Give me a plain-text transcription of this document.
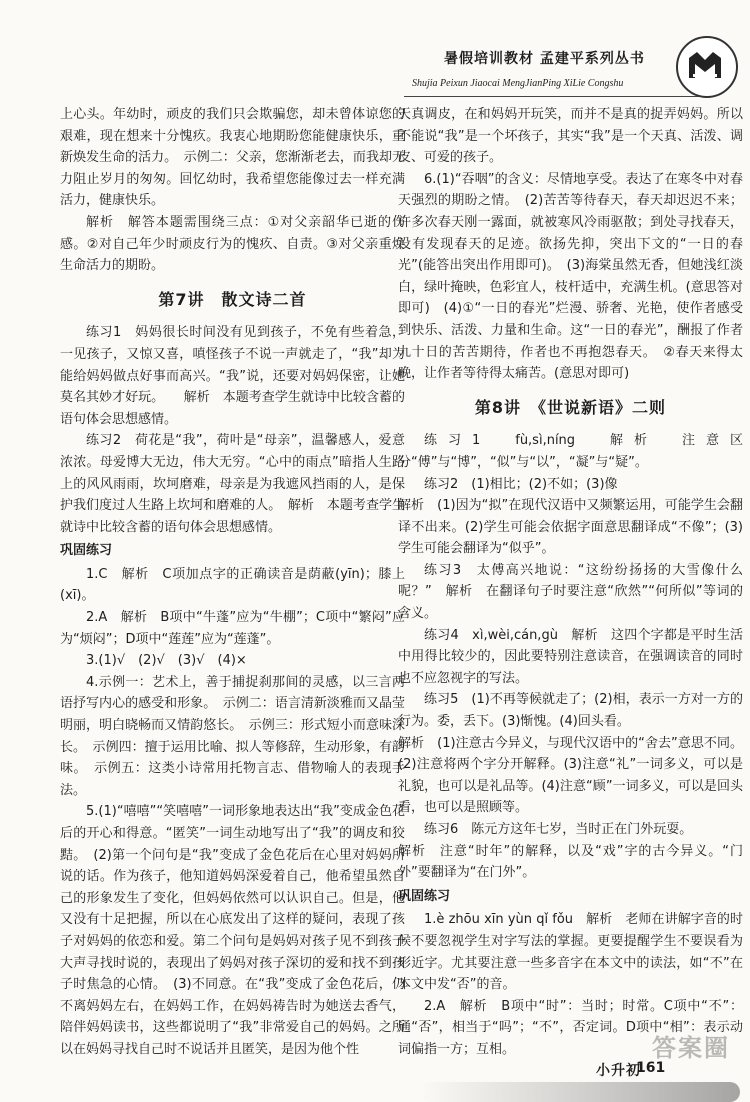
暑假培训教材 孟建平系列丛书
Shujia Peixun Jiaocai MengJianPing XiLie Congshu

上心头。年幼时，顽皮的我们只会欺骗您，却未曾体谅您的艰难，现在想来十分愧疚。我衷心地期盼您能健康快乐，重新焕发生命的活力。　示例二：父亲，您渐渐老去，而我却无力阻止岁月的匆匆。回忆幼时，我希望您能像过去一样充满活力，健康快乐。

解析　解答本题需围绕三点：①对父亲韶华已逝的伤感。②对自己年少时顽皮行为的愧疚、自责。③对父亲重焕生命活力的期盼。

第7讲　散文诗二首

练习1　妈妈很长时间没有见到孩子，不免有些着急，一见孩子，又惊又喜，嗔怪孩子不说一声就走了，“我”却为能给妈妈做点好事而高兴。“我”说，还要对妈妈保密，让她莫名其妙才好玩。　　解析　本题考查学生就诗中比较含蓄的语句体会思想感情。

练习2　荷花是“我”，荷叶是“母亲”，温馨感人，爱意浓浓。母爱博大无边，伟大无穷。“心中的雨点”暗指人生路上的风风雨雨，坎坷磨难，母亲是为我遮风挡雨的人，是保护我们度过人生路上坎坷和磨难的人。　解析　本题考查学生就诗中比较含蓄的语句体会思想感情。

巩固练习

1.C　解析　C项加点字的正确读音是荫蔽(yīn)；膝上(xī)。

2.A　解析　B项中“牛蓬”应为“牛棚”；C项中“繁闷”应为“烦闷”；D项中“莲莲”应为“莲蓬”。

3.(1)√　(2)√　(3)√　(4)×

4.示例一：艺术上，善于捕捉刹那间的灵感，以三言两语抒写内心的感受和形象。　示例二：语言清新淡雅而又晶莹明丽，明白晓畅而又情韵悠长。　示例三：形式短小而意味深长。　示例四：擅于运用比喻、拟人等修辞，生动形象，有韵味。　示例五：这类小诗常用托物言志、借物喻人的表现手法。

5.(1)“嘻嘻”“笑嘻嘻”一词形象地表达出“我”变成金色花后的开心和得意。“匿笑”一词生动地写出了“我”的调皮和狡黠。　(2)第一个问句是“我”变成了金色花后在心里对妈妈所说的话。作为孩子，他知道妈妈深爱着自己，他希望虽然自己的形象发生了变化，但妈妈依然可以认识自己。但是，他又没有十足把握，所以在心底发出了这样的疑问，表现了孩子对妈妈的依恋和爱。第二个问句是妈妈对孩子见不到孩子大声寻找时说的，表现出了妈妈对孩子深切的爱和找不到孩子时焦急的心情。　(3)不同意。在“我”变成了金色花后，仍不离妈妈左右，在妈妈工作，在妈妈祷告时为她送去香气，陪伴妈妈读书，这些都说明了“我”非常爱自己的妈妈。之所以在妈妈寻找自己时不说话并且匿笑，是因为他个性

天真调皮，在和妈妈开玩笑，而并不是真的捉弄妈妈。所以不能说“我”是一个坏孩子，其实“我”是一个天真、活泼、调皮、可爱的孩子。

6.(1)“吞咽”的含义：尽情地享受。表达了在寒冬中对春天强烈的期盼之情。　(2)苦苦等待春天，春天却迟迟不来；许多次春天刚一露面，就被寒风冷雨驱散；到处寻找春天，没有发现春天的足迹。欲扬先抑，突出下文的“一日的春光”(能答出突出作用即可)。　(3)海棠虽然无香，但她浅红淡白，绿叶掩映，色彩宜人，枝杆适中，充满生机。(意思答对即可)　(4)①“一日的春光”烂漫、骄奢、光艳，使作者感受到快乐、活泼、力量和生命。这“一日的春光”，酬报了作者九十日的苦苦期待，作者也不再抱怨春天。　②春天来得太晚，让作者等待得太痛苦。(意思对即可)

第8讲　《世说新语》二则

练习1　fù,sì,níng　解析　注意区分“傅”与“博”，“似”与“以”，“凝”与“疑”。

练习2　(1)相比；(2)不如；(3)像

解析　(1)因为“拟”在现代汉语中又频繁运用，可能学生会翻译不出来。(2)学生可能会依据字面意思翻译成“不像”；(3)学生可能会翻译为“似乎”。

练习3　太傅高兴地说：“这纷纷扬扬的大雪像什么呢？”　解析　在翻译句子时要注意“欣然”“何所似”等词的含义。

练习4　xì,wèi,cán,gù　解析　这四个字都是平时生活中用得比较少的，因此要特别注意读音，在强调读音的同时也不应忽视字的写法。

练习5　(1)不再等候就走了；(2)相，表示一方对一方的行为。委，丢下。(3)惭愧。(4)回头看。

解析　(1)注意古今异义，与现代汉语中的“舍去”意思不同。(2)注意将两个字分开解释。(3)注意“礼”一词多义，可以是礼貌，也可以是礼品等。(4)注意“顾”一词多义，可以是回头看，也可以是照顾等。

练习6　陈元方这年七岁，当时正在门外玩耍。

解析　注意“时年”的解释，以及“戏”字的古今异义。“门外”要翻译为“在门外”。

巩固练习

1.è zhōu xīn yùn qǐ fǒu　解析　老师在讲解字音的时候不要忽视学生对字写法的掌握。更要提醒学生不要误看为形近字。尤其要注意一些多音字在本文中的读法，如“不”在本文中发“否”的音。

2.A　解析　B项中“时”：当时；时常。C项中“不”：通“否”，相当于“吗”；“不”，否定词。D项中“相”：表示动词偏指一方；互相。

小升初
161
答案圈
